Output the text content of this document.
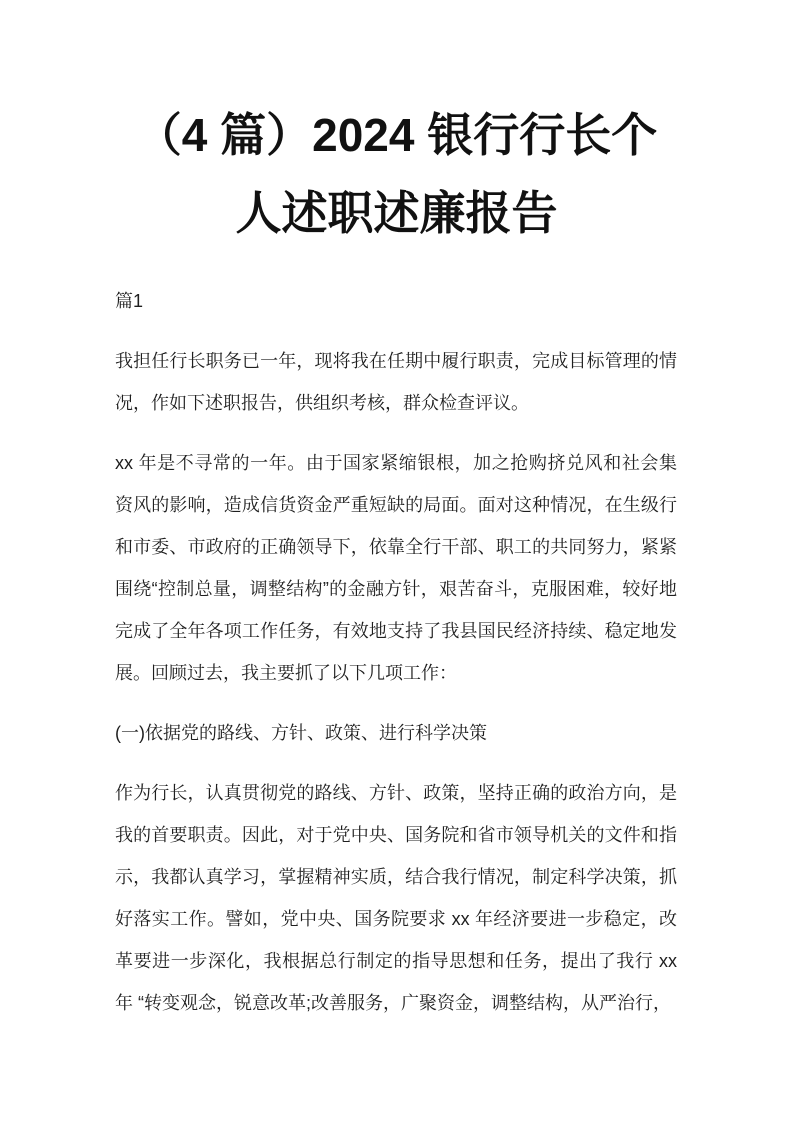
（4 篇）2024 银行行长个
人述职述廉报告

篇1

我担任行长职务已一年，现将我在任期中履行职责，完成目标管理的情况，作如下述职报告，供组织考核，群众检查评议。

xx 年是不寻常的一年。由于国家紧缩银根，加之抢购挤兑风和社会集资风的影响，造成信货资金严重短缺的局面。面对这种情况，在生级行和市委、市政府的正确领导下，依靠全行干部、职工的共同努力，紧紧围绕“控制总量，调整结构”的金融方针，艰苦奋斗，克服困难，较好地完成了全年各项工作任务，有效地支持了我县国民经济持续、稳定地发展。回顾过去，我主要抓了以下几项工作：

(一)依据党的路线、方针、政策、进行科学决策

作为行长，认真贯彻党的路线、方针、政策，坚持正确的政治方向，是我的首要职责。因此，对于党中央、国务院和省市领导机关的文件和指示，我都认真学习，掌握精神实质，结合我行情况，制定科学决策，抓好落实工作。譬如，党中央、国务院要求 xx 年经济要进一步稳定，改革要进一步深化，我根据总行制定的指导思想和任务，提出了我行 xx 年 “转变观念，锐意改革;改善服务，广聚资金，调整结构，从严治行，
